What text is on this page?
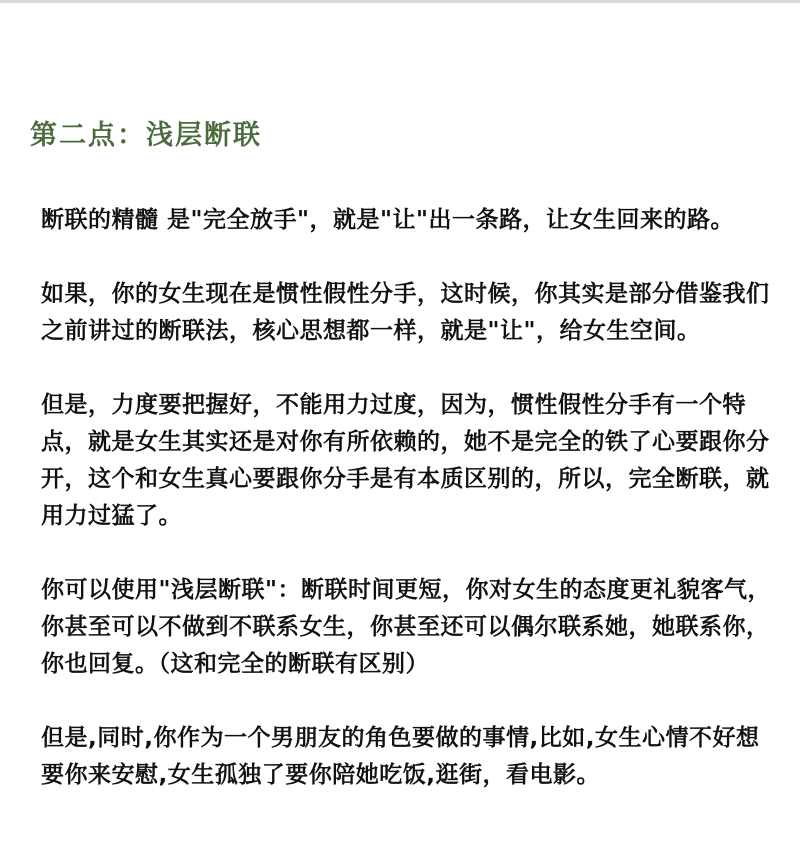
第二点：浅层断联

断联的精髓 是"完全放手"，就是"让"出一条路，让女生回来的路。

如果，你的女生现在是惯性假性分手，这时候，你其实是部分借鉴我们之前讲过的断联法，核心思想都一样，就是"让"，给女生空间。

但是，力度要把握好，不能用力过度，因为，惯性假性分手有一个特点，就是女生其实还是对你有所依赖的，她不是完全的铁了心要跟你分开，这个和女生真心要跟你分手是有本质区别的，所以，完全断联，就用力过猛了。

你可以使用"浅层断联"：断联时间更短，你对女生的态度更礼貌客气，你甚至可以不做到不联系女生，你甚至还可以偶尔联系她，她联系你，你也回复。（这和完全的断联有区别）

但是,同时,你作为一个男朋友的角色要做的事情,比如,女生心情不好想要你来安慰,女生孤独了要你陪她吃饭,逛街，看电影。
